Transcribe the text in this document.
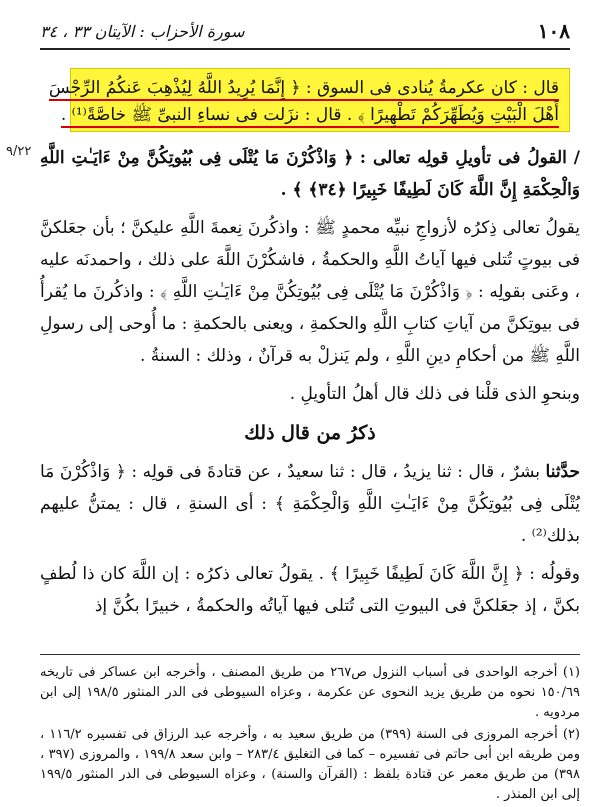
١٠٨
سورة الأحزاب : الآيتان ٣٣ ، ٣٤
قال : كان عكرمةُ يُنادى فى السوق : ﴿ إِنَّمَا يُرِيدُ اللَّهُ لِيُذْهِبَ عَنكُمُ الرِّجْسَ
أَهْلَ الْبَيْتِ وَيُطَهِّرَكُمْ تَطْهِيرًا ﴾ . قال : نزَلت فى نساءِ النبىِّ ﷺ خاصَّةً⁽¹⁾ .
٩/٢٢	/ القولُ فى تأويلِ قولِه تعالى : ﴿ وَاذْكُرْنَ مَا يُتْلَى فِى بُيُوتِكُنَّ مِنْ ءَايَـٰتِ اللَّهِ وَالْحِكْمَةِ إِنَّ اللَّهَ كَانَ لَطِيفًا خَبِيرًا ﴿٣٤﴾ ﴾ .

يقولُ تعالى ذِكرُه لأزواجِ نبيِّه محمدٍ ﷺ : واذكُرنَ نِعمةَ اللَّهِ عليكنَّ ؛ بأن جعَلكنَّ فى بيوتٍ تُتلى فيها آياتُ اللَّهِ والحكمةُ ، فاشكُرْنَ اللَّهَ على ذلك ، واحمدنَه عليه ، وعَنى بقولِه : ﴿ وَاذْكُرْنَ مَا يُتْلَى فِى بُيُوتِكُنَّ مِنْ ءَايَـٰتِ اللَّهِ ﴾ : واذكُرنَ ما يُقرأُ فى بيوتِكنَّ من آياتِ كتابِ اللَّهِ والحكمةِ ، ويعنى بالحكمةِ : ما أُوحى إلى رسولِ اللَّهِ ﷺ من أحكامِ دينِ اللَّهِ ، ولم يَنزلْ به قرآنٌ ، وذلك : السنةُ .

وبنحوِ الذى قلْنا فى ذلك قال أهلُ التأويلِ .

ذكرُ من قال ذلك

حدَّثنا بشرٌ ، قال : ثنا يزيدُ ، قال : ثنا سعيدٌ ، عن قتادةَ فى قولِه : ﴿ وَاذْكُرْنَ مَا يُتْلَى فِى بُيُوتِكُنَّ مِنْ ءَايَـٰتِ اللَّهِ وَالْحِكْمَةِ ﴾ : أى السنةِ ، قال : يمتنُّ عليهم بذلك⁽²⁾ .

وقولُه : ﴿ إِنَّ اللَّهَ كَانَ لَطِيفًا خَبِيرًا ﴾ . يقولُ تعالى ذكرُه : إن اللَّهَ كان ذا لُطفٍ بكنَّ ، إذ جعَلكنَّ فى البيوتِ التى تُتلى فيها آياتُه والحكمةُ ، خبيرًا بكُنَّ إذ

(١) أخرجه الواحدى فى أسباب النزول ص٢٦٧ من طريق المصنف ، وأخرجه ابن عساكر فى تاريخه ١٥٠/٦٩ نحوه من طريق يزيد النحوى عن عكرمة ، وعزاه السيوطى فى الدر المنثور ١٩٨/٥ إلى ابن مردويه .

(٢) أخرجه المروزى فى السنة (٣٩٩) من طريق سعيد به ، وأخرجه عبد الرزاق فى تفسيره ١١٦/٢ ، ومن طريقه ابن أبى حاتم فى تفسيره – كما فى التغليق ٢٨٣/٤ – وابن سعد ١٩٩/٨ ، والمروزى (٣٩٧ ، ٣٩٨) من طريق معمر عن قتادة بلفظ : (القرآن والسنة) ، وعزاه السيوطى فى الدر المنثور ١٩٩/٥ إلى ابن المنذر .
